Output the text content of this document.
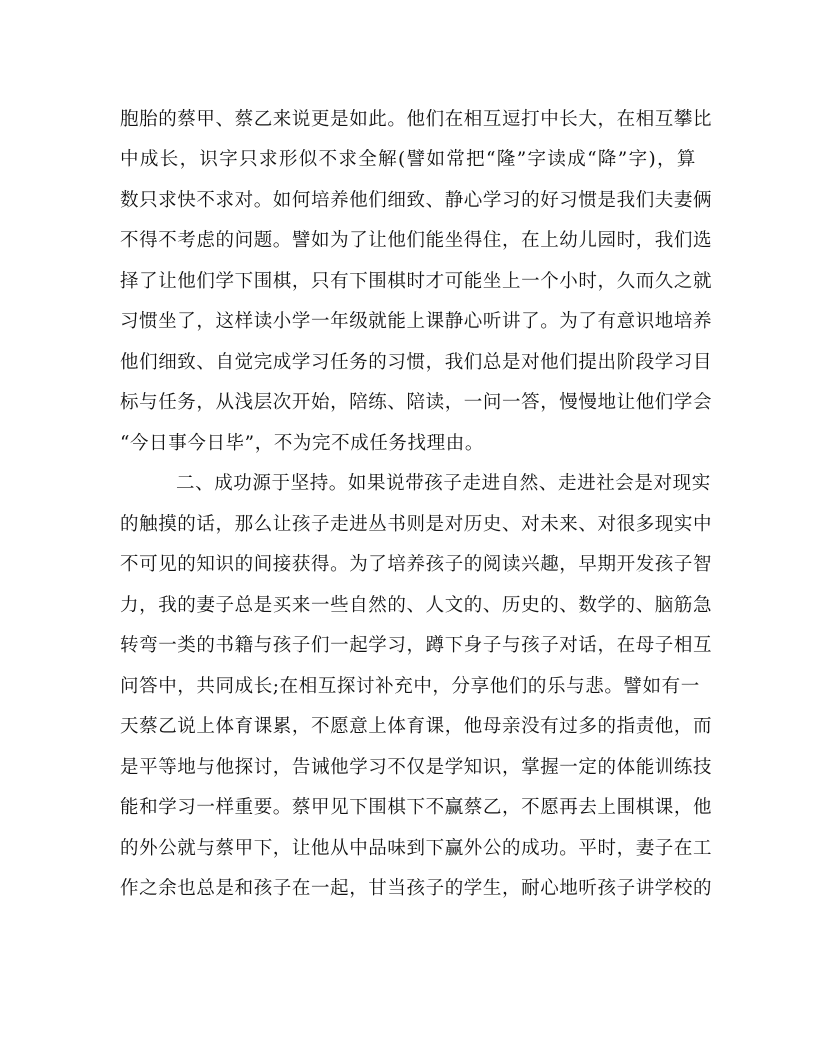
胞胎的蔡甲、蔡乙来说更是如此。他们在相互逗打中长大，在相互攀比
中成长，识字只求形似不求全解(譬如常把“隆”字读成“降”字)，算
数只求快不求对。如何培养他们细致、静心学习的好习惯是我们夫妻俩
不得不考虑的问题。譬如为了让他们能坐得住，在上幼儿园时，我们选
择了让他们学下围棋，只有下围棋时才可能坐上一个小时，久而久之就
习惯坐了，这样读小学一年级就能上课静心听讲了。为了有意识地培养
他们细致、自觉完成学习任务的习惯，我们总是对他们提出阶段学习目
标与任务，从浅层次开始，陪练、陪读，一问一答，慢慢地让他们学会
“今日事今日毕”，不为完不成任务找理由。
二、成功源于坚持。如果说带孩子走进自然、走进社会是对现实
的触摸的话，那么让孩子走进丛书则是对历史、对未来、对很多现实中
不可见的知识的间接获得。为了培养孩子的阅读兴趣，早期开发孩子智
力，我的妻子总是买来一些自然的、人文的、历史的、数学的、脑筋急
转弯一类的书籍与孩子们一起学习，蹲下身子与孩子对话，在母子相互
问答中，共同成长;在相互探讨补充中，分享他们的乐与悲。譬如有一
天蔡乙说上体育课累，不愿意上体育课，他母亲没有过多的指责他，而
是平等地与他探讨，告诫他学习不仅是学知识，掌握一定的体能训练技
能和学习一样重要。蔡甲见下围棋下不赢蔡乙，不愿再去上围棋课，他
的外公就与蔡甲下，让他从中品味到下赢外公的成功。平时，妻子在工
作之余也总是和孩子在一起，甘当孩子的学生，耐心地听孩子讲学校的
